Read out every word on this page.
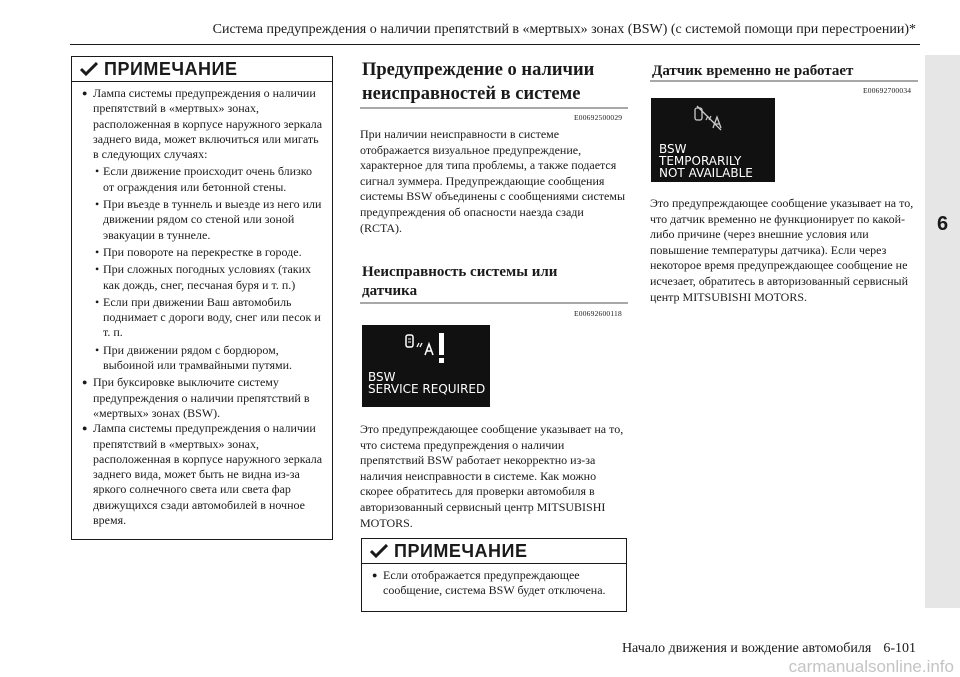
Система предупреждения о наличии препятствий в «мертвых» зонах (BSW) (с системой помощи при перестроении)*
6
ПРИМЕЧАНИЕ
● Лампа системы предупреждения о наличии препятствий в «мертвых» зонах, расположенная в корпусе наружного зеркала заднего вида, может включиться или мигать в следующих случаях:
• Если движение происходит очень близко от ограждения или бетонной стены.
• При въезде в туннель и выезде из него или движении рядом со стеной или зоной эвакуации в туннеле.
• При повороте на перекрестке в городе.
• При сложных погодных условиях (таких как дождь, снег, песчаная буря и т. п.)
• Если при движении Ваш автомобиль поднимает с дороги воду, снег или песок и т. п.
• При движении рядом с бордюром, выбоиной или трамвайными путями.
● При буксировке выключите систему предупреждения о наличии препятствий в «мертвых» зонах (BSW).
● Лампа системы предупреждения о наличии препятствий в «мертвых» зонах, расположенная в корпусе наружного зеркала заднего вида, может быть не видна из-за яркого солнечного света или света фар движущихся сзади автомобилей в ночное время.
Предупреждение о наличии неисправностей в системе
E00692500029
При наличии неисправности в системе отображается визуальное предупреждение, характерное для типа проблемы, а также подается сигнал зуммера. Предупреждающие сообщения системы BSW объединены с сообщениями системы предупреждения об опасности наезда сзади (RCTA).
Неисправность системы или датчика
E00692600118
BSW
SERVICE REQUIRED
Это предупреждающее сообщение указывает на то, что система предупреждения о наличии препятствий BSW работает некорректно из-за наличия неисправности в системе. Как можно скорее обратитесь для проверки автомобиля в авторизованный сервисный центр MITSUBISHI MOTORS.
ПРИМЕЧАНИЕ
● Если отображается предупреждающее сообщение, система BSW будет отключена.
Датчик временно не работает
E00692700034
BSW
TEMPORARILY
NOT AVAILABLE
Это предупреждающее сообщение указывает на то, что датчик временно не функционирует по какой-либо причине (через внешние условия или повышение температуры датчика). Если через некоторое время предупреждающее сообщение не исчезает, обратитесь в авторизованный сервисный центр MITSUBISHI MOTORS.
Начало движения и вождение автомобиля 6-101
carmanualsonline.info
